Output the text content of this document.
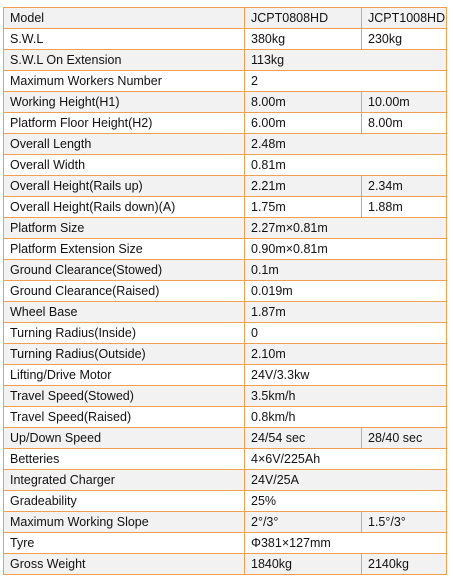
Model	JCPT0808HD	JCPT1008HD
S.W.L	380kg	230kg
S.W.L On Extension	113kg	
Maximum Workers Number	2	
Working Height(H1)	8.00m	10.00m
Platform Floor Height(H2)	6.00m	8.00m
Overall Length	2.48m	
Overall Width	0.81m	
Overall Height(Rails up)	2.21m	2.34m
Overall Height(Rails down)(A)	1.75m	1.88m
Platform Size	2.27m×0.81m	
Platform Extension Size	0.90m×0.81m	
Ground Clearance(Stowed)	0.1m	
Ground Clearance(Raised)	0.019m	
Wheel Base	1.87m	
Turning Radius(Inside)	0	
Turning Radius(Outside)	2.10m	
Lifting/Drive Motor	24V/3.3kw	
Travel Speed(Stowed)	3.5km/h	
Travel Speed(Raised)	0.8km/h	
Up/Down Speed	24/54 sec	28/40 sec
Betteries	4×6V/225Ah	
Integrated Charger	24V/25A	
Gradeability	25%	
Maximum Working Slope	2°/3°	1.5°/3°
Tyre	Φ381×127mm	
Gross Weight	1840kg	2140kg
